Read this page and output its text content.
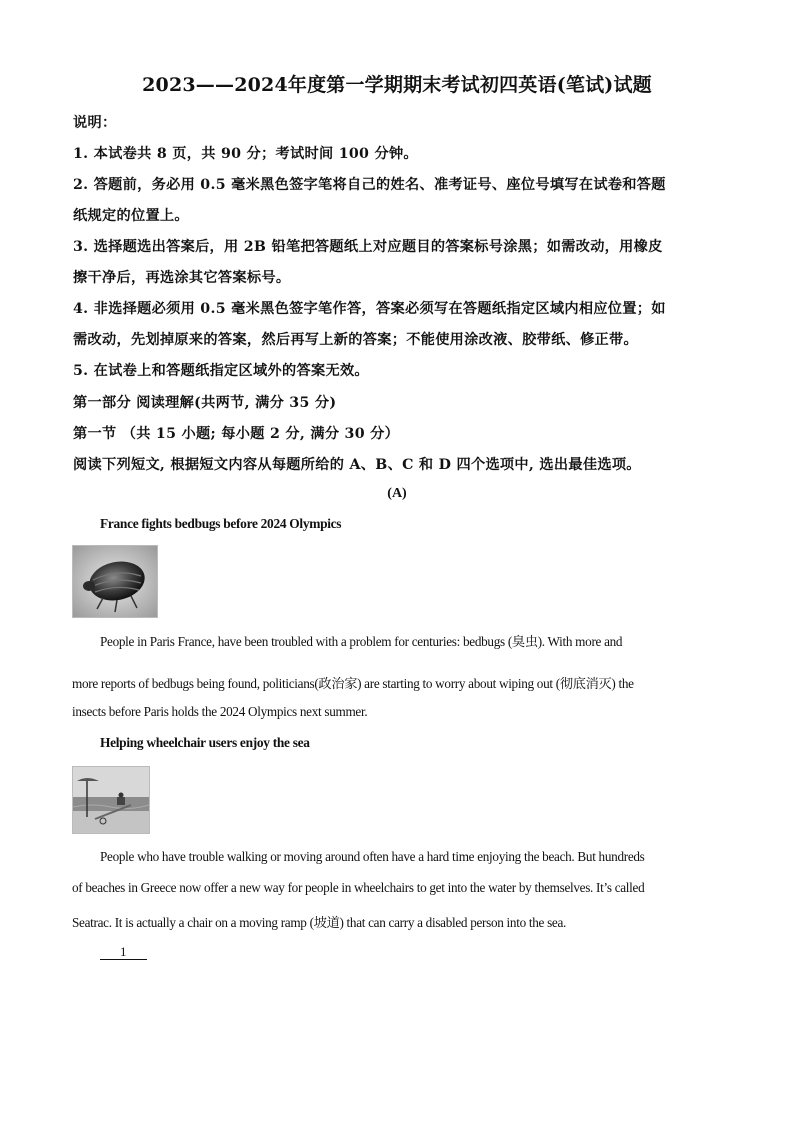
2023——2024年度第一学期期末考试初四英语(笔试)试题
说明：
1. 本试卷共 8 页，共 90 分；考试时间 100 分钟。
2. 答题前，务必用 0.5 毫米黑色签字笔将自己的姓名、准考证号、座位号填写在试卷和答题
纸规定的位置上。
3. 选择题选出答案后，用 2B 铅笔把答题纸上对应题目的答案标号涂黑；如需改动，用橡皮
擦干净后，再选涂其它答案标号。
4. 非选择题必须用 0.5 毫米黑色签字笔作答，答案必须写在答题纸指定区域内相应位置；如
需改动，先划掉原来的答案，然后再写上新的答案；不能使用涂改液、胶带纸、修正带。
5. 在试卷上和答题纸指定区域外的答案无效。
第一部分 阅读理解(共两节, 满分 35 分)
第一节 （共 15 小题; 每小题 2 分, 满分 30 分）
阅读下列短文, 根据短文内容从每题所给的 A、B、C 和 D 四个选项中, 选出最佳选项。
(A)
France fights bedbugs before 2024 Olympics
People in Paris France, have been troubled with a problem for centuries: bedbugs (臭虫). With more and
more reports of bedbugs being found, politicians(政治家) are starting to worry about wiping out (彻底消灭) the
insects before Paris holds the 2024 Olympics next summer.
Helping wheelchair users enjoy the sea
People who have trouble walking or moving around often have a hard time enjoying the beach. But hundreds
of beaches in Greece now offer a new way for people in wheelchairs to get into the water by themselves. It’s called
Seatrac. It is actually a chair on a moving ramp (坡道) that can carry a disabled person into the sea.
1
